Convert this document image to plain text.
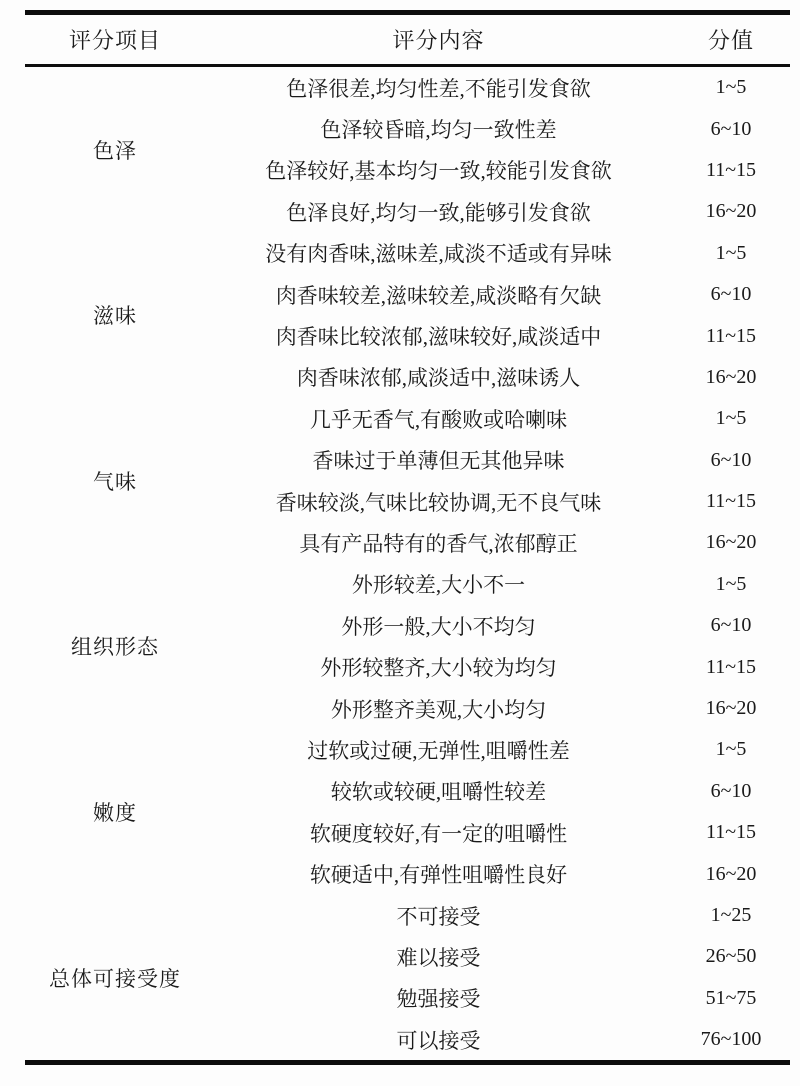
评分项目	评分内容	分值
色泽	色泽很差,均匀性差,不能引发食欲	1~5
	色泽较昏暗,均匀一致性差	6~10
	色泽较好,基本均匀一致,较能引发食欲	11~15
	色泽良好,均匀一致,能够引发食欲	16~20
滋味	没有肉香味,滋味差,咸淡不适或有异味	1~5
	肉香味较差,滋味较差,咸淡略有欠缺	6~10
	肉香味比较浓郁,滋味较好,咸淡适中	11~15
	肉香味浓郁,咸淡适中,滋味诱人	16~20
气味	几乎无香气,有酸败或哈喇味	1~5
	香味过于单薄但无其他异味	6~10
	香味较淡,气味比较协调,无不良气味	11~15
	具有产品特有的香气,浓郁醇正	16~20
组织形态	外形较差,大小不一	1~5
	外形一般,大小不均匀	6~10
	外形较整齐,大小较为均匀	11~15
	外形整齐美观,大小均匀	16~20
嫩度	过软或过硬,无弹性,咀嚼性差	1~5
	较软或较硬,咀嚼性较差	6~10
	软硬度较好,有一定的咀嚼性	11~15
	软硬适中,有弹性咀嚼性良好	16~20
总体可接受度	不可接受	1~25
	难以接受	26~50
	勉强接受	51~75
	可以接受	76~100
